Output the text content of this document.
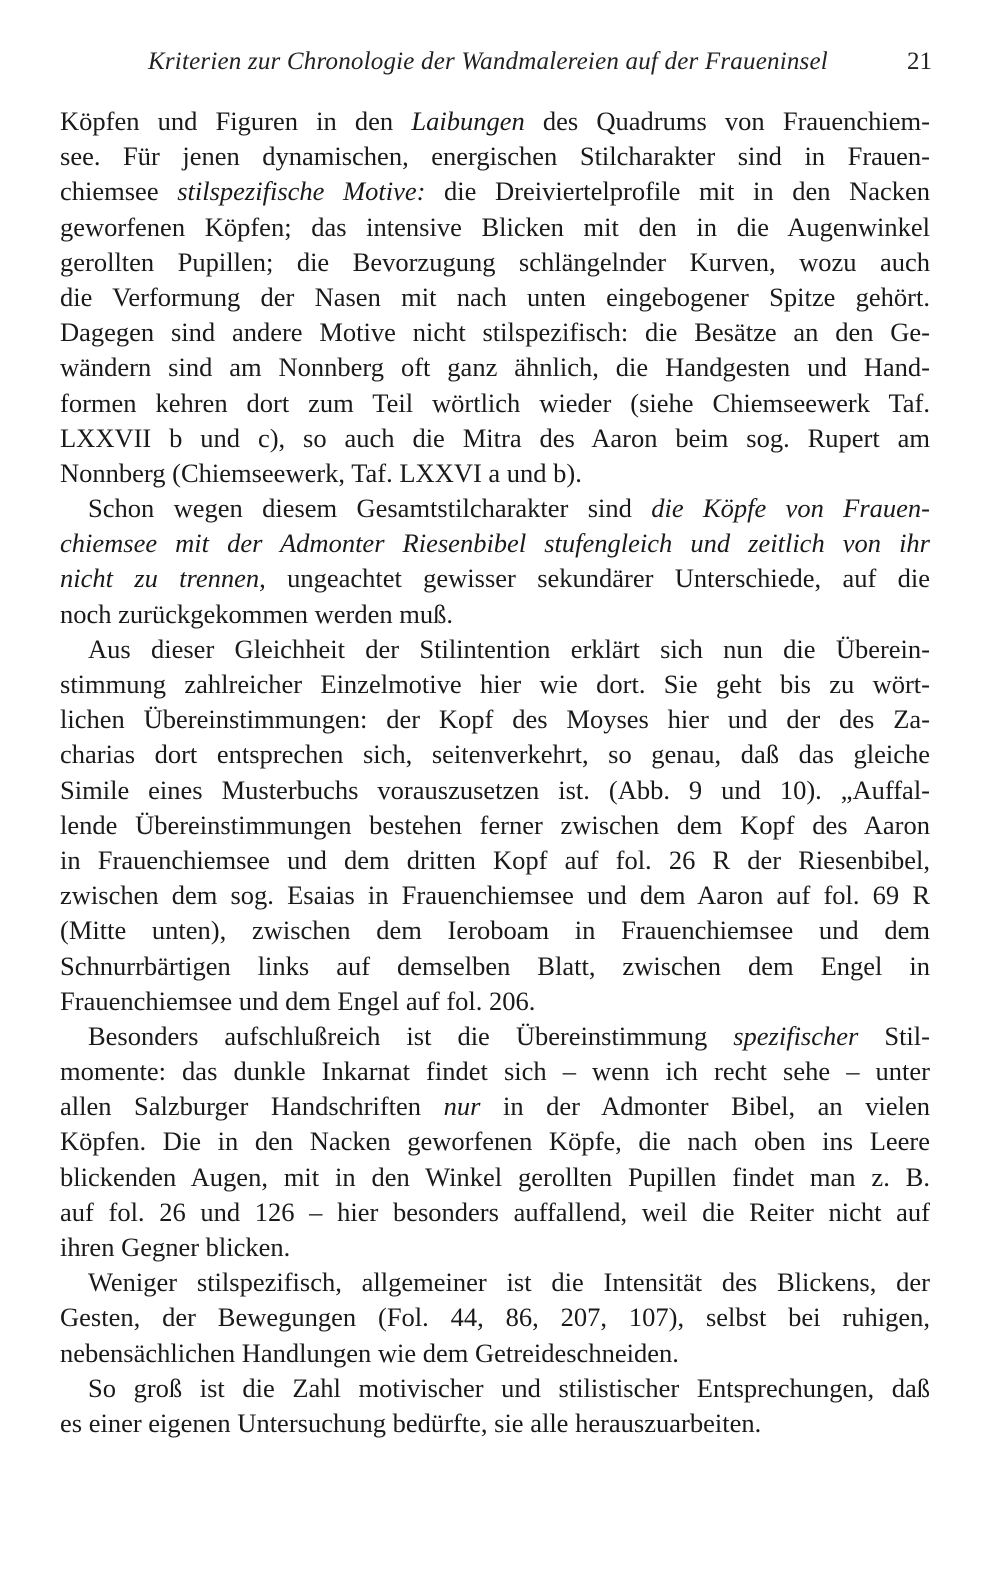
Kriterien zur Chronologie der Wandmalereien auf der Fraueninsel	21
Köpfen und Figuren in den Laibungen des Quadrums von Frauenchiem-
see. Für jenen dynamischen, energischen Stilcharakter sind in Frauen-
chiemsee stilspezifische Motive: die Dreiviertelprofile mit in den Nacken
geworfenen Köpfen; das intensive Blicken mit den in die Augenwinkel
gerollten Pupillen; die Bevorzugung schlängelnder Kurven, wozu auch
die Verformung der Nasen mit nach unten eingebogener Spitze gehört.
Dagegen sind andere Motive nicht stilspezifisch: die Besätze an den Ge-
wändern sind am Nonnberg oft ganz ähnlich, die Handgesten und Hand-
formen kehren dort zum Teil wörtlich wieder (siehe Chiemseewerk Taf.
LXXVII b und c), so auch die Mitra des Aaron beim sog. Rupert am
Nonnberg (Chiemseewerk, Taf. LXXVI a und b).
Schon wegen diesem Gesamtstilcharakter sind die Köpfe von Frauen-
chiemsee mit der Admonter Riesenbibel stufengleich und zeitlich von ihr
nicht zu trennen, ungeachtet gewisser sekundärer Unterschiede, auf die
noch zurückgekommen werden muß.
Aus dieser Gleichheit der Stilintention erklärt sich nun die Überein-
stimmung zahlreicher Einzelmotive hier wie dort. Sie geht bis zu wört-
lichen Übereinstimmungen: der Kopf des Moyses hier und der des Za-
charias dort entsprechen sich, seitenverkehrt, so genau, daß das gleiche
Simile eines Musterbuchs vorauszusetzen ist. (Abb. 9 und 10). „Auffal-
lende Übereinstimmungen bestehen ferner zwischen dem Kopf des Aaron
in Frauenchiemsee und dem dritten Kopf auf fol. 26 R der Riesenbibel,
zwischen dem sog. Esaias in Frauenchiemsee und dem Aaron auf fol. 69 R
(Mitte unten), zwischen dem Ieroboam in Frauenchiemsee und dem
Schnurrbärtigen links auf demselben Blatt, zwischen dem Engel in
Frauenchiemsee und dem Engel auf fol. 206.
Besonders aufschlußreich ist die Übereinstimmung spezifischer Stil-
momente: das dunkle Inkarnat findet sich – wenn ich recht sehe – unter
allen Salzburger Handschriften nur in der Admonter Bibel, an vielen
Köpfen. Die in den Nacken geworfenen Köpfe, die nach oben ins Leere
blickenden Augen, mit in den Winkel gerollten Pupillen findet man z. B.
auf fol. 26 und 126 – hier besonders auffallend, weil die Reiter nicht auf
ihren Gegner blicken.
Weniger stilspezifisch, allgemeiner ist die Intensität des Blickens, der
Gesten, der Bewegungen (Fol. 44, 86, 207, 107), selbst bei ruhigen,
nebensächlichen Handlungen wie dem Getreideschneiden.
So groß ist die Zahl motivischer und stilistischer Entsprechungen, daß
es einer eigenen Untersuchung bedürfte, sie alle herauszuarbeiten.
